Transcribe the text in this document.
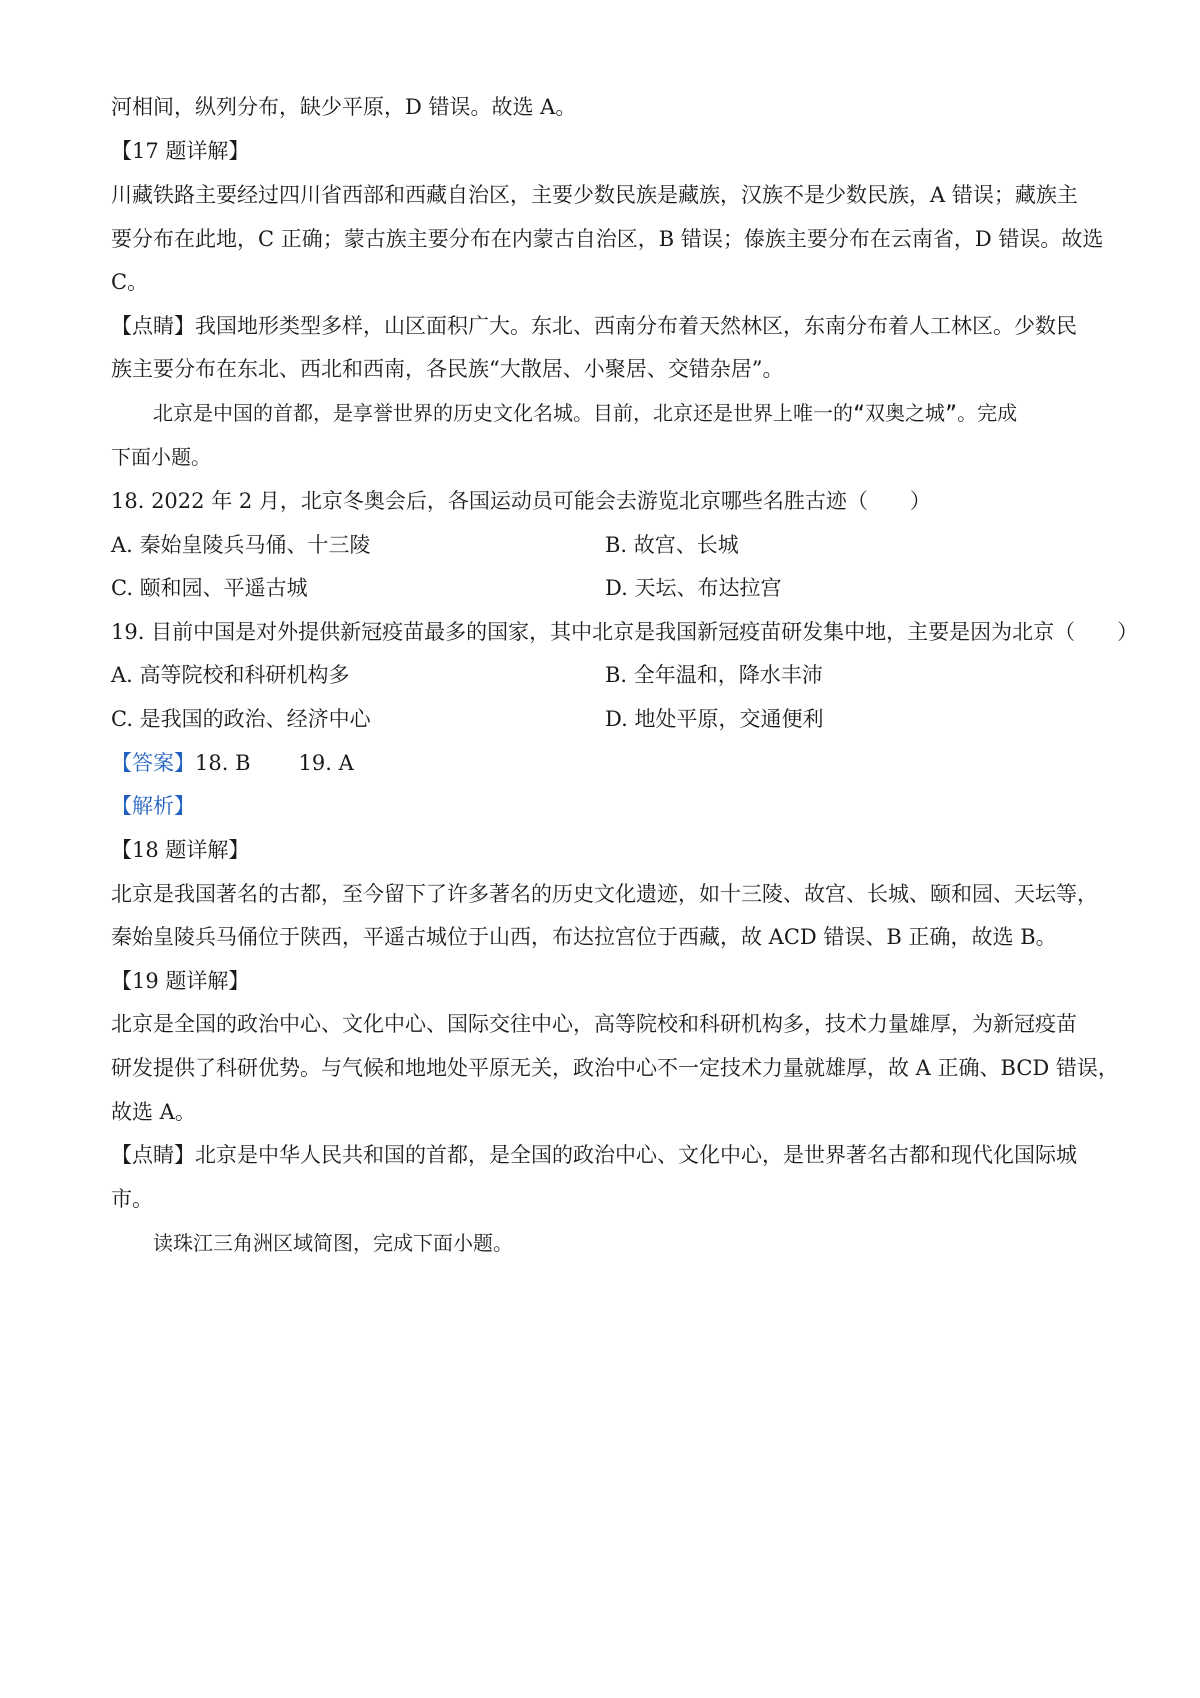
河相间，纵列分布，缺少平原，D 错误。故选 A。
【17 题详解】
川藏铁路主要经过四川省西部和西藏自治区，主要少数民族是藏族，汉族不是少数民族，A 错误；藏族主
要分布在此地，C 正确；蒙古族主要分布在内蒙古自治区，B 错误；傣族主要分布在云南省，D 错误。故选
C。
【点睛】我国地形类型多样，山区面积广大。东北、西南分布着天然林区，东南分布着人工林区。少数民
族主要分布在东北、西北和西南，各民族“大散居、小聚居、交错杂居”。
北京是中国的首都，是享誉世界的历史文化名城。目前，北京还是世界上唯一的“双奥之城”。完成
下面小题。
18. 2022 年 2 月，北京冬奥会后，各国运动员可能会去游览北京哪些名胜古迹（　　）
A. 秦始皇陵兵马俑、十三陵	B. 故宫、长城
C. 颐和园、平遥古城	D. 天坛、布达拉宫
19. 目前中国是对外提供新冠疫苗最多的国家，其中北京是我国新冠疫苗研发集中地，主要是因为北京（　　）
A. 高等院校和科研机构多	B. 全年温和，降水丰沛
C. 是我国的政治、经济中心	D. 地处平原，交通便利
【答案】18. B 19. A
【解析】
【18 题详解】
北京是我国著名的古都，至今留下了许多著名的历史文化遗迹，如十三陵、故宫、长城、颐和园、天坛等，
秦始皇陵兵马俑位于陕西，平遥古城位于山西，布达拉宫位于西藏，故 ACD 错误、B 正确，故选 B。
【19 题详解】
北京是全国的政治中心、文化中心、国际交往中心，高等院校和科研机构多，技术力量雄厚，为新冠疫苗
研发提供了科研优势。与气候和地地处平原无关，政治中心不一定技术力量就雄厚，故 A 正确、BCD 错误，
故选 A。
【点睛】北京是中华人民共和国的首都，是全国的政治中心、文化中心，是世界著名古都和现代化国际城
市。
读珠江三角洲区域简图，完成下面小题。
